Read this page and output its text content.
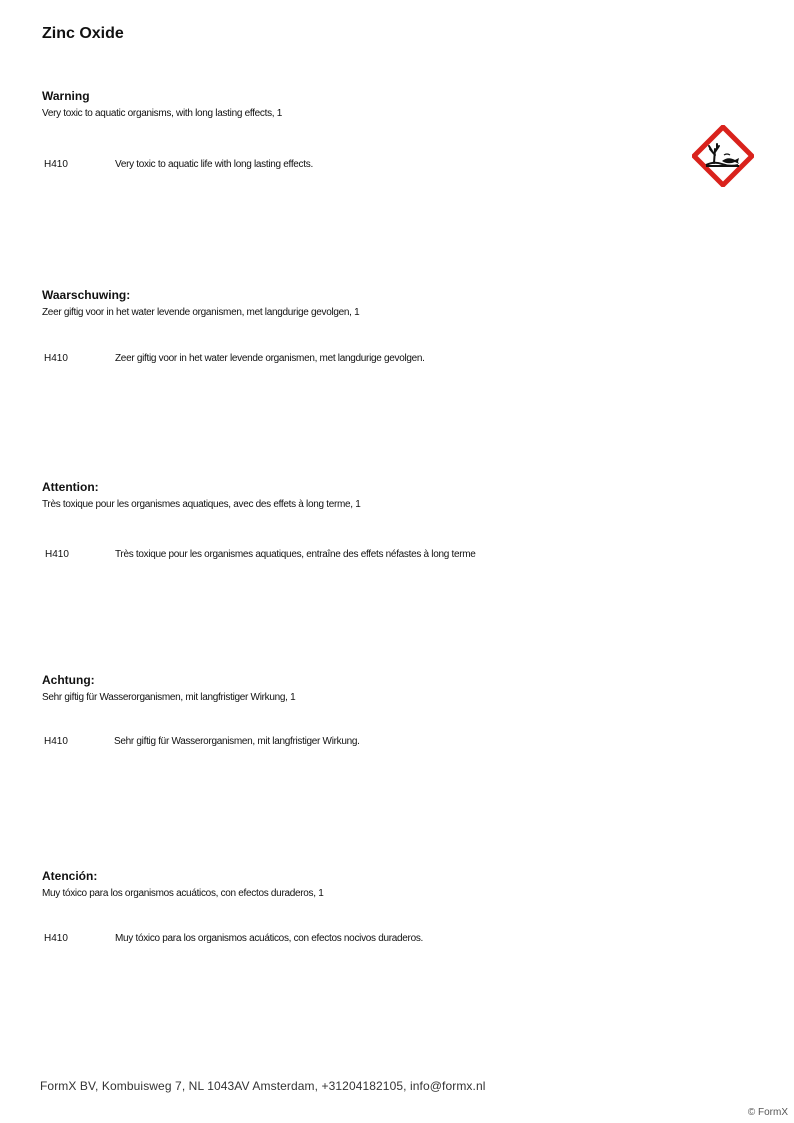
Zinc Oxide

Warning

Very toxic to aquatic organisms, with long lasting effects, 1

H410	Very toxic to aquatic life with long lasting effects.

Waarschuwing:

Zeer giftig voor in het water levende organismen, met langdurige gevolgen, 1

H410	Zeer giftig voor in het water levende organismen, met langdurige gevolgen.

Attention:

Très toxique pour les organismes aquatiques, avec des effets à long terme, 1

H410	Très toxique pour les organismes aquatiques, entraîne des effets néfastes à long terme

Achtung:

Sehr giftig für Wasserorganismen, mit langfristiger Wirkung, 1

H410	Sehr giftig für Wasserorganismen, mit langfristiger Wirkung.

Atención:

Muy tóxico para los organismos acuáticos, con efectos duraderos, 1

H410	Muy tóxico para los organismos acuáticos, con efectos nocivos duraderos.
FormX BV, Kombuisweg 7, NL 1043AV Amsterdam, +31204182105, info@formx.nl
© FormX
